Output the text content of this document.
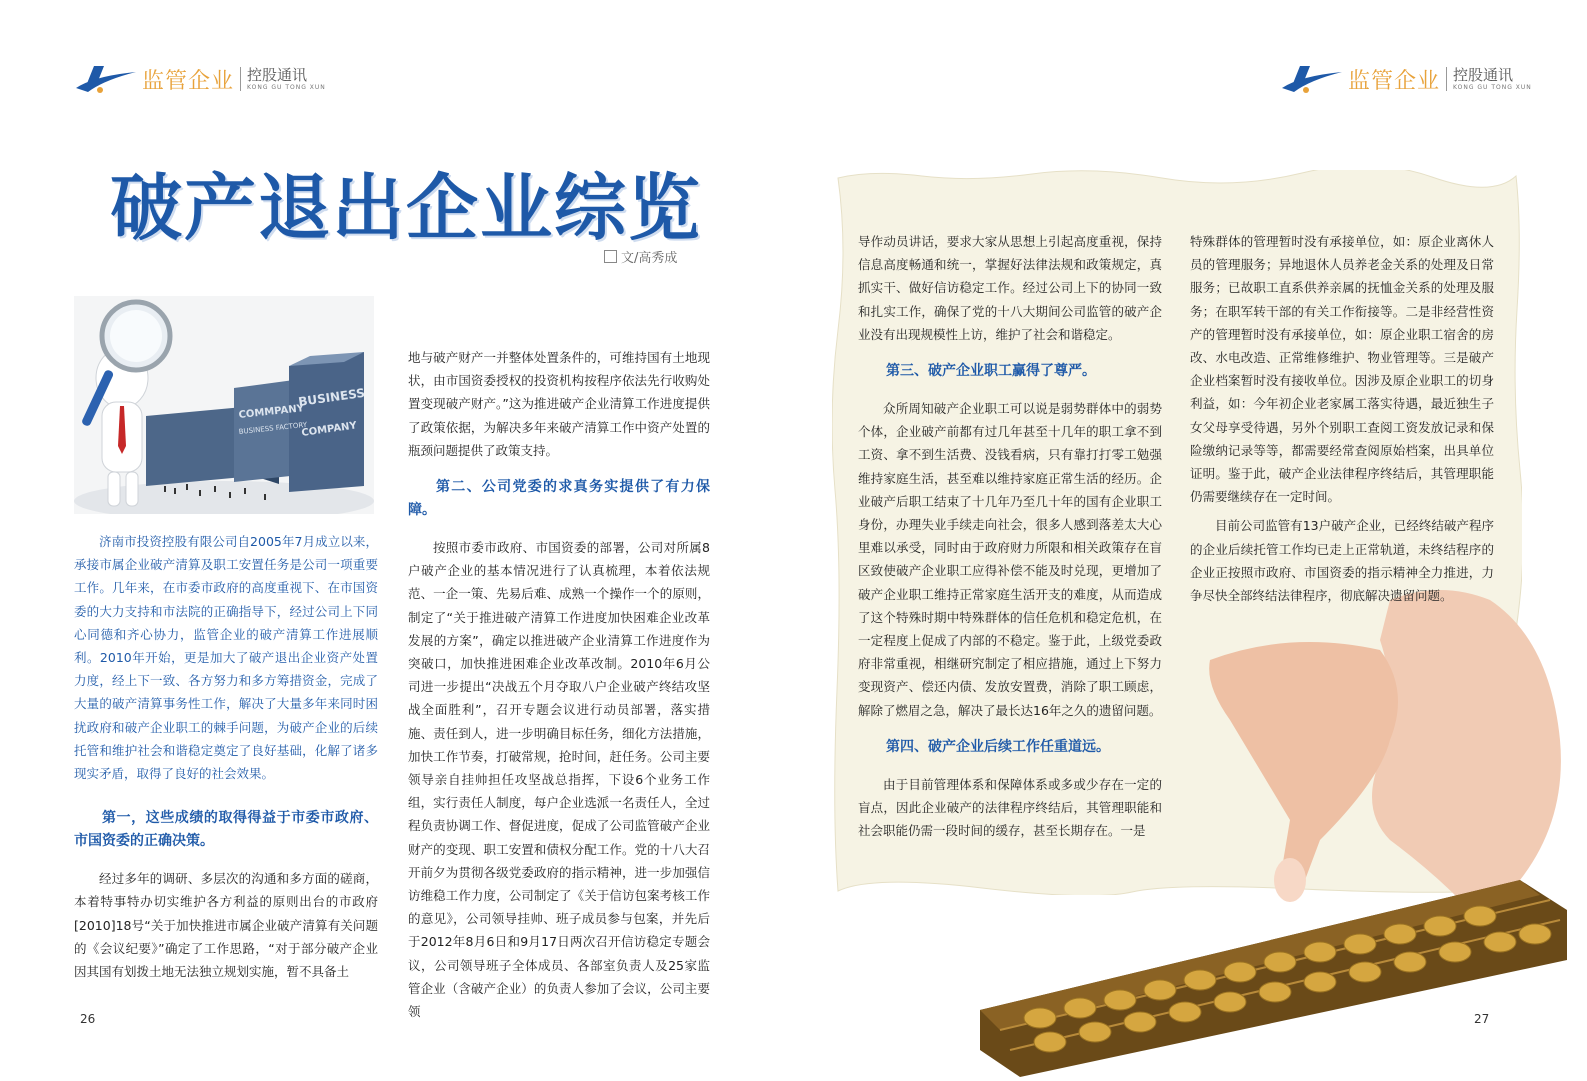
监管企业 控股通讯
KONG GU TONG XUN
破产退出企业综览
文/高秀成
BUSINESS
COMPANY
COMMPANY
BUSINESS FACTORY

济南市投资控股有限公司自2005年7月成立以来，承接市属企业破产清算及职工安置任务是公司一项重要工作。几年来，在市委市政府的高度重视下、在市国资委的大力支持和市法院的正确指导下，经过公司上下同心同德和齐心协力，监管企业的破产清算工作进展顺利。2010年开始，更是加大了破产退出企业资产处置力度，经上下一致、各方努力和多方筹措资金，完成了大量的破产清算事务性工作，解决了大量多年来同时困扰政府和破产企业职工的棘手问题，为破产企业的后续托管和维护社会和谐稳定奠定了良好基础，化解了诸多现实矛盾，取得了良好的社会效果。

第一，这些成绩的取得得益于市委市政府、市国资委的正确决策。

经过多年的调研、多层次的沟通和多方面的磋商，本着特事特办切实维护各方利益的原则出台的市政府[2010]18号“关于加快推进市属企业破产清算有关问题的《会议纪要》”确定了工作思路，“对于部分破产企业因其国有划拨土地无法独立规划实施，暂不具备土

地与破产财产一并整体处置条件的，可维持国有土地现状，由市国资委授权的投资机构按程序依法先行收购处置变现破产财产。”这为推进破产企业清算工作进度提供了政策依据，为解决多年来破产清算工作中资产处置的瓶颈问题提供了政策支持。

第二、公司党委的求真务实提供了有力保障。

按照市委市政府、市国资委的部署，公司对所属8户破产企业的基本情况进行了认真梳理，本着依法规范、一企一策、先易后难、成熟一个操作一个的原则，制定了“关于推进破产清算工作进度加快困难企业改革发展的方案”，确定以推进破产企业清算工作进度作为突破口，加快推进困难企业改革改制。2010年6月公司进一步提出“决战五个月夺取八户企业破产终结攻坚战全面胜利”，召开专题会议进行动员部署，落实措施、责任到人，进一步明确目标任务，细化方法措施，加快工作节奏，打破常规，抢时间，赶任务。公司主要领导亲自挂帅担任攻坚战总指挥，下设6个业务工作组，实行责任人制度，每户企业选派一名责任人，全过程负责协调工作、督促进度，促成了公司监管破产企业财产的变现、职工安置和债权分配工作。党的十八大召开前夕为贯彻各级党委政府的指示精神，进一步加强信访维稳工作力度，公司制定了《关于信访包案考核工作的意见》，公司领导挂帅、班子成员参与包案，并先后于2012年8月6日和9月17日两次召开信访稳定专题会议，公司领导班子全体成员、各部室负责人及25家监管企业（含破产企业）的负责人参加了会议，公司主要领

26
监管企业 控股通讯
KONG GU TONG XUN

导作动员讲话，要求大家从思想上引起高度重视，保持信息高度畅通和统一，掌握好法律法规和政策规定，真抓实干、做好信访稳定工作。经过公司上下的协同一致和扎实工作，确保了党的十八大期间公司监管的破产企业没有出现规模性上访，维护了社会和谐稳定。

第三、破产企业职工赢得了尊严。

众所周知破产企业职工可以说是弱势群体中的弱势个体，企业破产前都有过几年甚至十几年的职工拿不到工资、拿不到生活费、没钱看病，只有靠打打零工勉强维持家庭生活，甚至难以维持家庭正常生活的经历。企业破产后职工结束了十几年乃至几十年的国有企业职工身份，办理失业手续走向社会，很多人感到落差太大心里难以承受，同时由于政府财力所限和相关政策存在盲区致使破产企业职工应得补偿不能及时兑现，更增加了破产企业职工维持正常家庭生活开支的难度，从而造成了这个特殊时期中特殊群体的信任危机和稳定危机，在一定程度上促成了内部的不稳定。鉴于此，上级党委政府非常重视，相继研究制定了相应措施，通过上下努力变现资产、偿还内债、发放安置费，消除了职工顾虑，解除了燃眉之急，解决了最长达16年之久的遗留问题。

第四、破产企业后续工作任重道远。

由于目前管理体系和保障体系或多或少存在一定的盲点，因此企业破产的法律程序终结后，其管理职能和社会职能仍需一段时间的缓存，甚至长期存在。一是

特殊群体的管理暂时没有承接单位，如：原企业离休人员的管理服务；异地退休人员养老金关系的处理及日常服务；已故职工直系供养亲属的抚恤金关系的处理及服务；在职军转干部的有关工作衔接等。二是非经营性资产的管理暂时没有承接单位，如：原企业职工宿舍的房改、水电改造、正常维修维护、物业管理等。三是破产企业档案暂时没有接收单位。因涉及原企业职工的切身利益，如：今年初企业老家属工落实待遇，最近独生子女父母享受待遇，另外个别职工查阅工资发放记录和保险缴纳记录等等，都需要经常查阅原始档案，出具单位证明。鉴于此，破产企业法律程序终结后，其管理职能仍需要继续存在一定时间。

目前公司监管有13户破产企业，已经终结破产程序的企业后续托管工作均已走上正常轨道，未终结程序的企业正按照市政府、市国资委的指示精神全力推进，力争尽快全部终结法律程序，彻底解决遗留问题。

27
